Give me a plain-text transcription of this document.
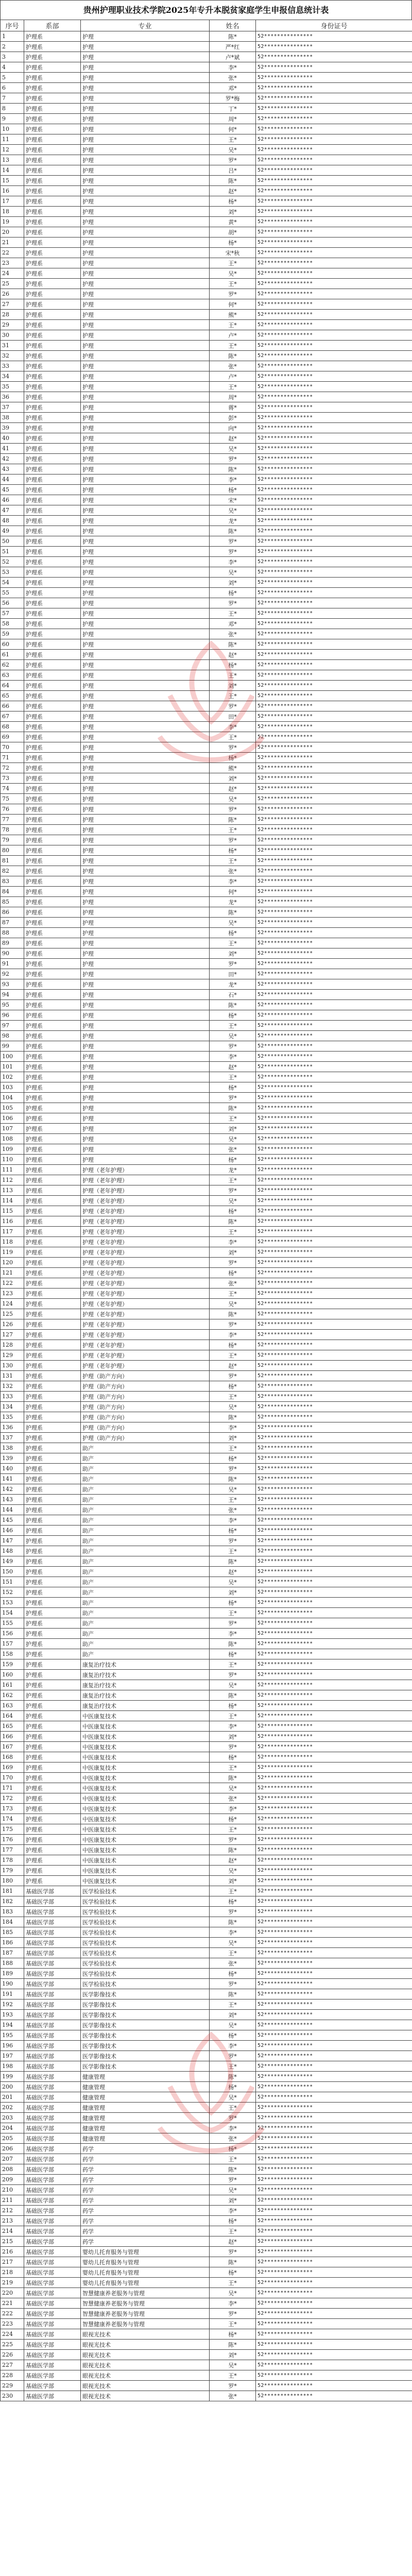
贵州护理职业技术学院2025年专升本脱贫家庭学生申报信息统计表
序号	系部	专业	姓名	身份证号
1	护理系	护理	陈*	52***************
2	护理系	护理	严*红	52***************
3	护理系	护理	卢*斌	52***************
4	护理系	护理	李*	52***************
5	护理系	护理	张*	52***************
6	护理系	护理	邓*	52***************
7	护理系	护理	罗*梅	52***************
8	护理系	护理	丁*	52***************
9	护理系	护理	周*	52***************
10	护理系	护理	何*	52***************
11	护理系	护理	王*	52***************
12	护理系	护理	吴*	52***************
13	护理系	护理	罗*	52***************
14	护理系	护理	吕*	52***************
15	护理系	护理	陈*	52***************
16	护理系	护理	赵*	52***************
17	护理系	护理	杨*	52***************
18	护理系	护理	刘*	52***************
19	护理系	护理	黄*	52***************
20	护理系	护理	胡*	52***************
21	护理系	护理	杨*	52***************
22	护理系	护理	宋*秋	52***************
23	护理系	护理	王*	52***************
24	护理系	护理	吴*	52***************
25	护理系	护理	王*	52***************
26	护理系	护理	罗*	52***************
27	护理系	护理	何*	52***************
28	护理系	护理	熊*	52***************
29	护理系	护理	王*	52***************
30	护理系	护理	卢*	52***************
31	护理系	护理	王*	52***************
32	护理系	护理	陈*	52***************
33	护理系	护理	张*	52***************
34	护理系	护理	卢*	52***************
35	护理系	护理	王*	52***************
36	护理系	护理	周*	52***************
37	护理系	护理	蒋*	52***************
38	护理系	护理	彭*	52***************
39	护理系	护理	向*	52***************
40	护理系	护理	赵*	52***************
41	护理系	护理	吴*	52***************
42	护理系	护理	罗*	52***************
43	护理系	护理	陈*	52***************
44	护理系	护理	李*	52***************
45	护理系	护理	杨*	52***************
46	护理系	护理	宋*	52***************
47	护理系	护理	吴*	52***************
48	护理系	护理	龙*	52***************
49	护理系	护理	陈*	52***************
50	护理系	护理	罗*	52***************
51	护理系	护理	罗*	52***************
52	护理系	护理	李*	52***************
53	护理系	护理	吴*	52***************
54	护理系	护理	刘*	52***************
55	护理系	护理	杨*	52***************
56	护理系	护理	罗*	52***************
57	护理系	护理	王*	52***************
58	护理系	护理	邓*	52***************
59	护理系	护理	张*	52***************
60	护理系	护理	陈*	52***************
61	护理系	护理	赵*	52***************
62	护理系	护理	杨*	52***************
63	护理系	护理	王*	52***************
64	护理系	护理	刘*	52***************
65	护理系	护理	王*	52***************
66	护理系	护理	罗*	52***************
67	护理系	护理	田*	52***************
68	护理系	护理	李*	52***************
69	护理系	护理	王*	52***************
70	护理系	护理	罗*	52***************
71	护理系	护理	杨*	52***************
72	护理系	护理	熊*	52***************
73	护理系	护理	刘*	52***************
74	护理系	护理	赵*	52***************
75	护理系	护理	吴*	52***************
76	护理系	护理	罗*	52***************
77	护理系	护理	陈*	52***************
78	护理系	护理	王*	52***************
79	护理系	护理	罗*	52***************
80	护理系	护理	杨*	52***************
81	护理系	护理	王*	52***************
82	护理系	护理	张*	52***************
83	护理系	护理	李*	52***************
84	护理系	护理	何*	52***************
85	护理系	护理	龙*	52***************
86	护理系	护理	陈*	52***************
87	护理系	护理	吴*	52***************
88	护理系	护理	杨*	52***************
89	护理系	护理	王*	52***************
90	护理系	护理	刘*	52***************
91	护理系	护理	罗*	52***************
92	护理系	护理	田*	52***************
93	护理系	护理	龙*	52***************
94	护理系	护理	石*	52***************
95	护理系	护理	陈*	52***************
96	护理系	护理	杨*	52***************
97	护理系	护理	王*	52***************
98	护理系	护理	吴*	52***************
99	护理系	护理	罗*	52***************
100	护理系	护理	李*	52***************
101	护理系	护理	赵*	52***************
102	护理系	护理	王*	52***************
103	护理系	护理	杨*	52***************
104	护理系	护理	罗*	52***************
105	护理系	护理	陈*	52***************
106	护理系	护理	王*	52***************
107	护理系	护理	刘*	52***************
108	护理系	护理	吴*	52***************
109	护理系	护理	张*	52***************
110	护理系	护理	杨*	52***************
111	护理系	护理（老年护理）	龙*	52***************
112	护理系	护理（老年护理）	王*	52***************
113	护理系	护理（老年护理）	罗*	52***************
114	护理系	护理（老年护理）	吴*	52***************
115	护理系	护理（老年护理）	杨*	52***************
116	护理系	护理（老年护理）	陈*	52***************
117	护理系	护理（老年护理）	王*	52***************
118	护理系	护理（老年护理）	李*	52***************
119	护理系	护理（老年护理）	刘*	52***************
120	护理系	护理（老年护理）	罗*	52***************
121	护理系	护理（老年护理）	杨*	52***************
122	护理系	护理（老年护理）	张*	52***************
123	护理系	护理（老年护理）	王*	52***************
124	护理系	护理（老年护理）	吴*	52***************
125	护理系	护理（老年护理）	陈*	52***************
126	护理系	护理（老年护理）	罗*	52***************
127	护理系	护理（老年护理）	李*	52***************
128	护理系	护理（老年护理）	杨*	52***************
129	护理系	护理（老年护理）	王*	52***************
130	护理系	护理（老年护理）	赵*	52***************
131	护理系	护理（助产方向）	罗*	52***************
132	护理系	护理（助产方向）	杨*	52***************
133	护理系	护理（助产方向）	王*	52***************
134	护理系	护理（助产方向）	吴*	52***************
135	护理系	护理（助产方向）	陈*	52***************
136	护理系	护理（助产方向）	李*	52***************
137	护理系	护理（助产方向）	刘*	52***************
138	护理系	助产	王*	52***************
139	护理系	助产	杨*	52***************
140	护理系	助产	罗*	52***************
141	护理系	助产	陈*	52***************
142	护理系	助产	吴*	52***************
143	护理系	助产	王*	52***************
144	护理系	助产	张*	52***************
145	护理系	助产	李*	52***************
146	护理系	助产	杨*	52***************
147	护理系	助产	罗*	52***************
148	护理系	助产	王*	52***************
149	护理系	助产	陈*	52***************
150	护理系	助产	赵*	52***************
151	护理系	助产	吴*	52***************
152	护理系	助产	刘*	52***************
153	护理系	助产	杨*	52***************
154	护理系	助产	王*	52***************
155	护理系	助产	罗*	52***************
156	护理系	助产	李*	52***************
157	护理系	助产	陈*	52***************
158	护理系	助产	杨*	52***************
159	护理系	康复治疗技术	王*	52***************
160	护理系	康复治疗技术	罗*	52***************
161	护理系	康复治疗技术	吴*	52***************
162	护理系	康复治疗技术	陈*	52***************
163	护理系	康复治疗技术	杨*	52***************
164	护理系	中医康复技术	王*	52***************
165	护理系	中医康复技术	李*	52***************
166	护理系	中医康复技术	刘*	52***************
167	护理系	中医康复技术	罗*	52***************
168	护理系	中医康复技术	杨*	52***************
169	护理系	中医康复技术	王*	52***************
170	护理系	中医康复技术	陈*	52***************
171	护理系	中医康复技术	吴*	52***************
172	护理系	中医康复技术	张*	52***************
173	护理系	中医康复技术	李*	52***************
174	护理系	中医康复技术	杨*	52***************
175	护理系	中医康复技术	王*	52***************
176	护理系	中医康复技术	罗*	52***************
177	护理系	中医康复技术	陈*	52***************
178	护理系	中医康复技术	赵*	52***************
179	护理系	中医康复技术	吴*	52***************
180	护理系	中医康复技术	刘*	52***************
181	基础医学部	医学检验技术	王*	52***************
182	基础医学部	医学检验技术	杨*	52***************
183	基础医学部	医学检验技术	罗*	52***************
184	基础医学部	医学检验技术	陈*	52***************
185	基础医学部	医学检验技术	李*	52***************
186	基础医学部	医学检验技术	吴*	52***************
187	基础医学部	医学检验技术	王*	52***************
188	基础医学部	医学检验技术	张*	52***************
189	基础医学部	医学检验技术	杨*	52***************
190	基础医学部	医学检验技术	罗*	52***************
191	基础医学部	医学影像技术	陈*	52***************
192	基础医学部	医学影像技术	王*	52***************
193	基础医学部	医学影像技术	刘*	52***************
194	基础医学部	医学影像技术	吴*	52***************
195	基础医学部	医学影像技术	杨*	52***************
196	基础医学部	医学影像技术	李*	52***************
197	基础医学部	医学影像技术	罗*	52***************
198	基础医学部	医学影像技术	王*	52***************
199	基础医学部	健康管理	陈*	52***************
200	基础医学部	健康管理	杨*	52***************
201	基础医学部	健康管理	吴*	52***************
202	基础医学部	健康管理	王*	52***************
203	基础医学部	健康管理	罗*	52***************
204	基础医学部	健康管理	李*	52***************
205	基础医学部	健康管理	张*	52***************
206	基础医学部	药学	杨*	52***************
207	基础医学部	药学	王*	52***************
208	基础医学部	药学	陈*	52***************
209	基础医学部	药学	罗*	52***************
210	基础医学部	药学	吴*	52***************
211	基础医学部	药学	刘*	52***************
212	基础医学部	药学	李*	52***************
213	基础医学部	药学	杨*	52***************
214	基础医学部	药学	王*	52***************
215	基础医学部	药学	赵*	52***************
216	基础医学部	婴幼儿托育服务与管理	罗*	52***************
217	基础医学部	婴幼儿托育服务与管理	陈*	52***************
218	基础医学部	婴幼儿托育服务与管理	杨*	52***************
219	基础医学部	婴幼儿托育服务与管理	王*	52***************
220	基础医学部	智慧健康养老服务与管理	吴*	52***************
221	基础医学部	智慧健康养老服务与管理	李*	52***************
222	基础医学部	智慧健康养老服务与管理	罗*	52***************
223	基础医学部	智慧健康养老服务与管理	王*	52***************
224	基础医学部	眼视光技术	杨*	52***************
225	基础医学部	眼视光技术	陈*	52***************
226	基础医学部	眼视光技术	刘*	52***************
227	基础医学部	眼视光技术	吴*	52***************
228	基础医学部	眼视光技术	王*	52***************
229	基础医学部	眼视光技术	罗*	52***************
230	基础医学部	眼视光技术	张*	52***************
